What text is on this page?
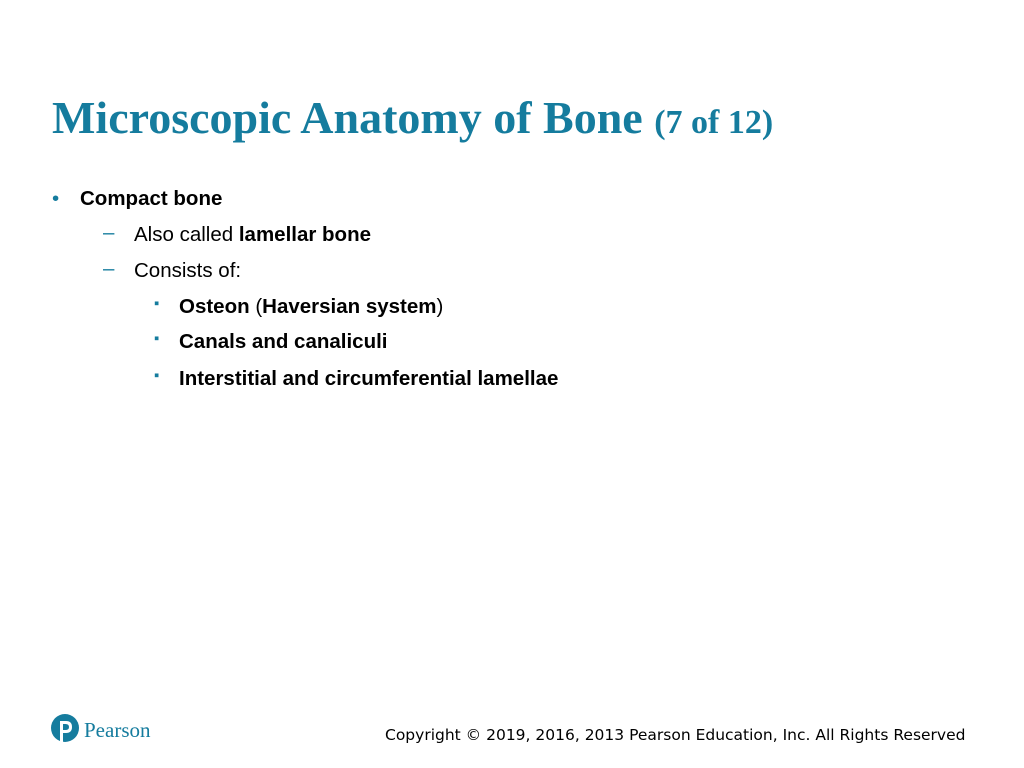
Microscopic Anatomy of Bone (7 of 12)
• Compact bone
– Also called lamellar bone
– Consists of:
▪ Osteon (Haversian system)
▪ Canals and canaliculi
▪ Interstitial and circumferential lamellae
Pearson	Copyright © 2019, 2016, 2013 Pearson Education, Inc. All Rights Reserved
